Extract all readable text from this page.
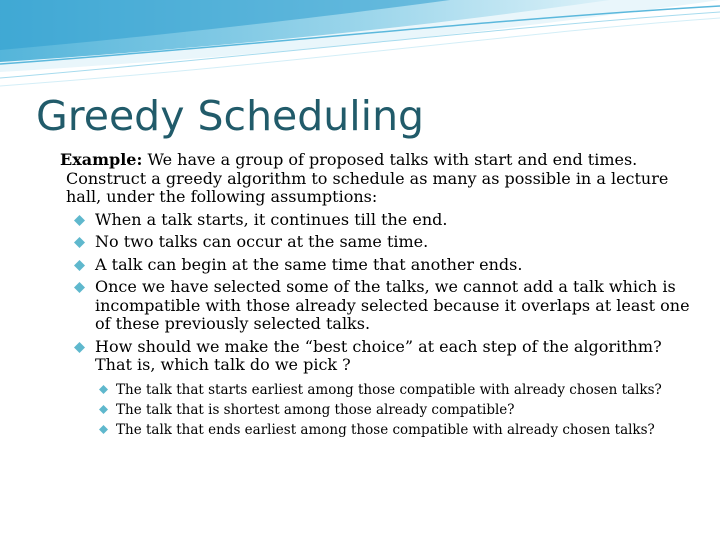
Greedy Scheduling

Example: We have a group of proposed talks with start and end times. Construct a greedy algorithm to schedule as many as possible in a lecture hall, under the following assumptions:

When a talk starts, it continues till the end.
No two talks can occur at the same time.
A talk can begin at the same time that another ends.
Once we have selected some of the talks, we cannot add a talk which is incompatible with those already selected because it overlaps at least one of these previously selected talks.
How should we make the “best choice” at each step of the algorithm? That is, which talk do we pick ?
The talk that starts earliest among those compatible with already chosen talks?
The talk that is shortest among those already compatible?
The talk that ends earliest among those compatible with already chosen talks?
